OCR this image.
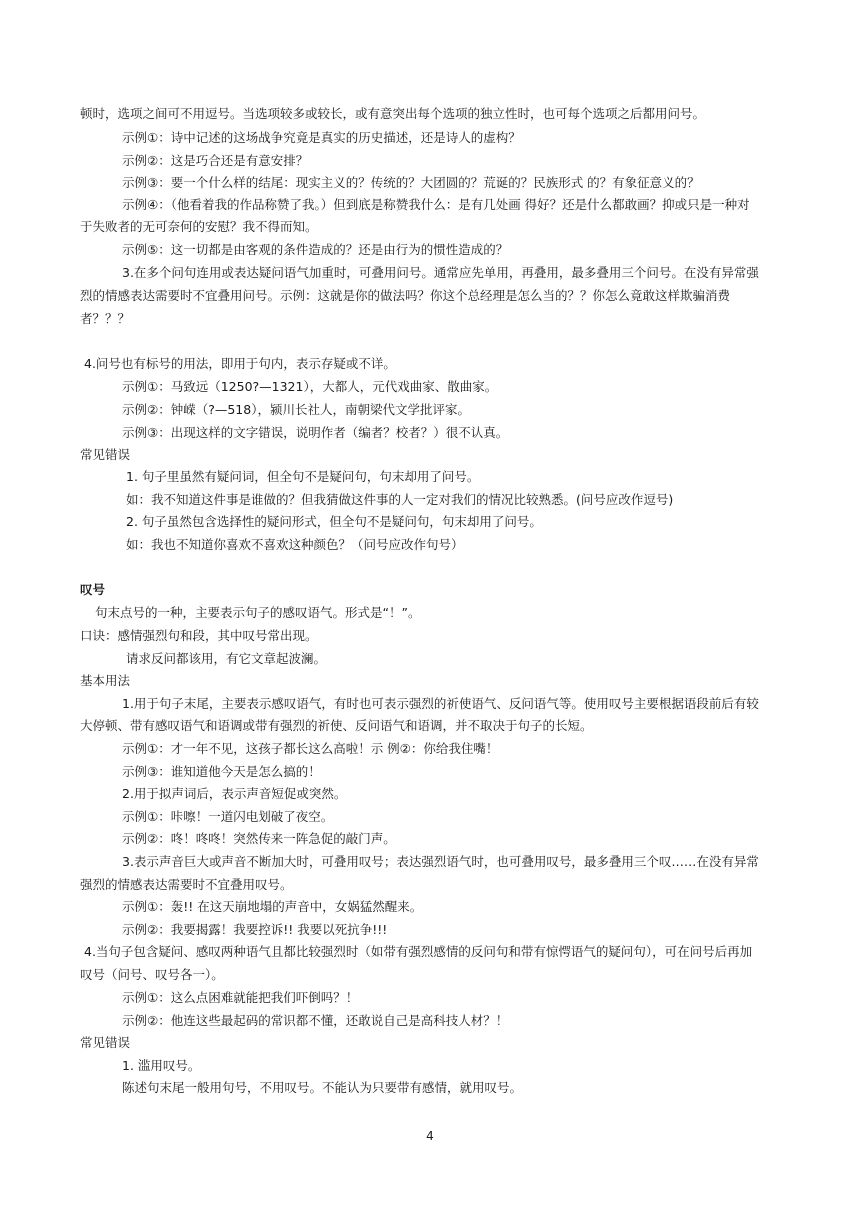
顿时，选项之间可不用逗号。当选项较多或较长，或有意突出每个选项的独立性时，也可每个选项之后都用问号。
示例①：诗中记述的这场战争究竟是真实的历史描述，还是诗人的虚构？
示例②：这是巧合还是有意安排？
示例③：要一个什么样的结尾：现实主义的？传统的？大团圆的？荒诞的？民族形式 的？有象征意义的？
示例④：（他看着我的作品称赞了我。）但到底是称赞我什么：是有几处画 得好？还是什么都敢画？抑或只是一种对
于失败者的无可奈何的安慰？我不得而知。
示例⑤：这一切都是由客观的条件造成的？还是由行为的惯性造成的？
3.在多个问句连用或表达疑问语气加重时，可叠用问号。通常应先单用，再叠用，最多叠用三个问号。在没有异常强
烈的情感表达需要时不宜叠用问号。示例：这就是你的做法吗？你这个总经理是怎么当的？？你怎么竟敢这样欺骗消费
者？？？
4.问号也有标号的用法，即用于句内，表示存疑或不详。
示例①：马致远（1250?—1321），大都人，元代戏曲家、散曲家。
示例②：钟嵘（?—518），颍川长社人，南朝梁代文学批评家。
示例③：出现这样的文字错误，说明作者（编者？校者？）很不认真。
常见错误
1. 句子里虽然有疑问词，但全句不是疑问句，句末却用了问号。
如：我不知道这件事是谁做的？但我猜做这件事的人一定对我们的情况比较熟悉。(问号应改作逗号)
2. 句子虽然包含选择性的疑问形式，但全句不是疑问句，句末却用了问号。
如：我也不知道你喜欢不喜欢这种颜色？（问号应改作句号）
叹号
句末点号的一种，主要表示句子的感叹语气。形式是“！”。
口诀：感情强烈句和段，其中叹号常出现。
请求反问都该用，有它文章起波澜。
基本用法
1.用于句子末尾，主要表示感叹语气，有时也可表示强烈的祈使语气、反问语气等。使用叹号主要根据语段前后有较
大停顿、带有感叹语气和语调或带有强烈的祈使、反问语气和语调，并不取决于句子的长短。
示例①：才一年不见，这孩子都长这么高啦！示 例②：你给我住嘴！
示例③：谁知道他今天是怎么搞的！
2.用于拟声词后，表示声音短促或突然。
示例①：咔嚓！一道闪电划破了夜空。
示例②：咚！咚咚！突然传来一阵急促的敲门声。
3.表示声音巨大或声音不断加大时，可叠用叹号；表达强烈语气时，也可叠用叹号，最多叠用三个叹……在没有异常
强烈的情感表达需要时不宜叠用叹号。
示例①：轰!! 在这天崩地塌的声音中，女娲猛然醒来。
示例②：我要揭露！我要控诉!! 我要以死抗争!!!
4.当句子包含疑问、感叹两种语气且都比较强烈时（如带有强烈感情的反问句和带有惊愕语气的疑问句），可在问号后再加
叹号（问号、叹号各一）。
示例①：这么点困难就能把我们吓倒吗？！
示例②：他连这些最起码的常识都不懂，还敢说自己是高科技人材？！
常见错误
1. 滥用叹号。
陈述句末尾一般用句号，不用叹号。不能认为只要带有感情，就用叹号。
4
